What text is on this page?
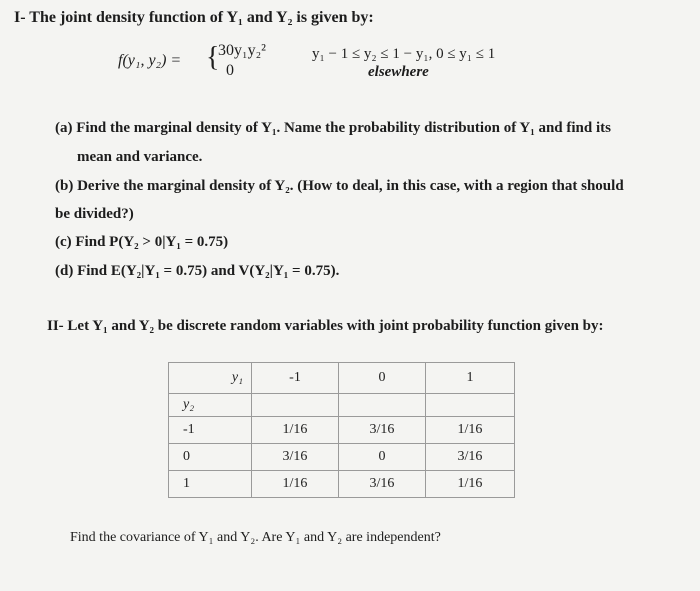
I- The joint density function of Y₁ and Y₂ is given by:
f(y₁, y₂) = {
30y₁y₂²
0
y₁ − 1 ≤ y₂ ≤ 1 − y₁, 0 ≤ y₁ ≤ 1
elsewhere
(a) Find the marginal density of Y₁. Name the probability distribution of Y₁ and find its
mean and variance.
(b) Derive the marginal density of Y₂. (How to deal, in this case, with a region that should
be divided?)
(c) Find P(Y₂ > 0|Y₁ = 0.75)
(d) Find E(Y₂|Y₁ = 0.75) and V(Y₂|Y₁ = 0.75).
II- Let Y₁ and Y₂ be discrete random variables with joint probability function given by:
y₁	-1	0	1
y₂			
-1	1/16	3/16	1/16
0	3/16	0	3/16
1	1/16	3/16	1/16
Find the covariance of Y₁ and Y₂. Are Y₁ and Y₂ are independent?
